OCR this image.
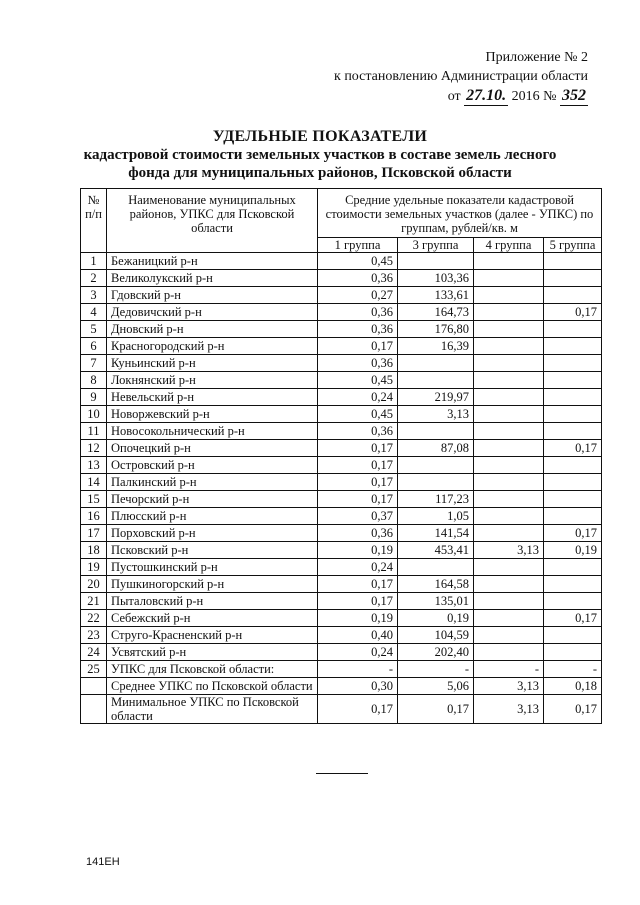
Приложение № 2
к постановлению Администрации области
от 27.10. 2016 № 352
УДЕЛЬНЫЕ ПОКАЗАТЕЛИ
кадастровой стоимости земельных участков в составе земель лесного
фонда для муниципальных районов, Псковской области
№ п/п	Наименование муниципальных районов, УПКС для Псковской области	Средние удельные показатели кадастровой стоимости земельных участков (далее - УПКС) по группам, рублей/кв. м			
		1 группа	3 группа	4 группа	5 группа
1	Бежаницкий р-н	0,45			
2	Великолукский р-н	0,36	103,36		
3	Гдовский р-н	0,27	133,61		
4	Дедовичский р-н	0,36	164,73		0,17
5	Дновский р-н	0,36	176,80		
6	Красногородский р-н	0,17	16,39		
7	Куньинский р-н	0,36			
8	Локнянский р-н	0,45			
9	Невельский р-н	0,24	219,97		
10	Новоржевский р-н	0,45	3,13		
11	Новосокольнический р-н	0,36			
12	Опочецкий р-н	0,17	87,08		0,17
13	Островский р-н	0,17			
14	Палкинский р-н	0,17			
15	Печорский р-н	0,17	117,23		
16	Плюсский р-н	0,37	1,05		
17	Порховский р-н	0,36	141,54		0,17
18	Псковский р-н	0,19	453,41	3,13	0,19
19	Пустошкинский р-н	0,24			
20	Пушкиногорский р-н	0,17	164,58		
21	Пыталовский р-н	0,17	135,01		
22	Себежский р-н	0,19	0,19		0,17
23	Струго-Красненский р-н	0,40	104,59		
24	Усвятский р-н	0,24	202,40		
25	УПКС для Псковской области:	-	-	-	-
	Среднее УПКС по Псковской области	0,30	5,06	3,13	0,18
	Минимальное УПКС по Псковской области	0,17	0,17	3,13	0,17
141ЕН
